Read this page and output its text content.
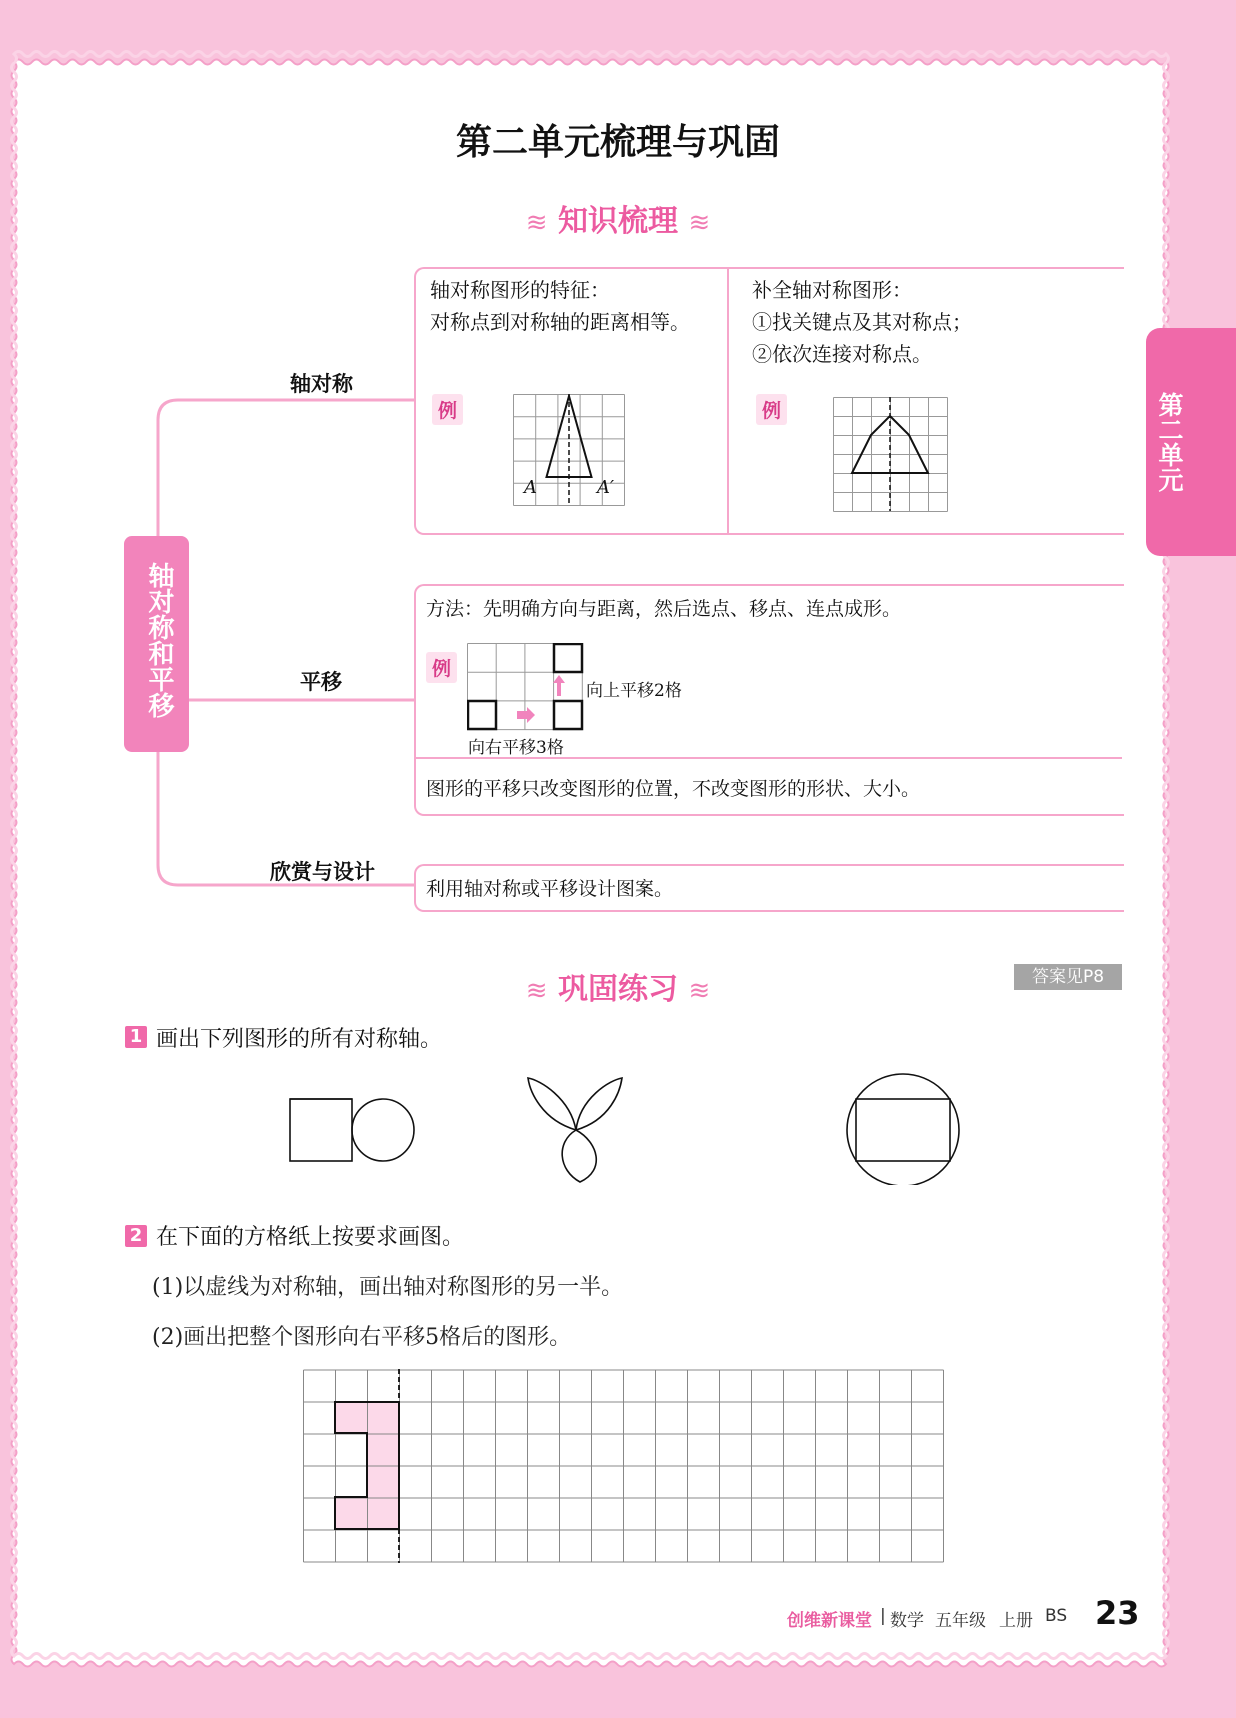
第二单元
第二单元梳理与巩固
≋ 知识梳理 ≋
轴对称和平移
轴对称
平移
欣赏与设计
轴对称图形的特征：
对称点到对称轴的距离相等。
例
补全轴对称图形：
①找关键点及其对称点；
②依次连接对称点。
例
A	A′
方法：先明确方向与距离，然后选点、移点、连点成形。
例
向上平移2格
向右平移3格
图形的平移只改变图形的位置，不改变图形的形状、大小。
利用轴对称或平移设计图案。
≋ 巩固练习 ≋	答案见P8
1 画出下列图形的所有对称轴。
2 在下面的方格纸上按要求画图。
(1)以虚线为对称轴，画出轴对称图形的另一半。
(2)画出把整个图形向右平移5格后的图形。
创维新课堂 | 数学 五年级 上册 BS 23
